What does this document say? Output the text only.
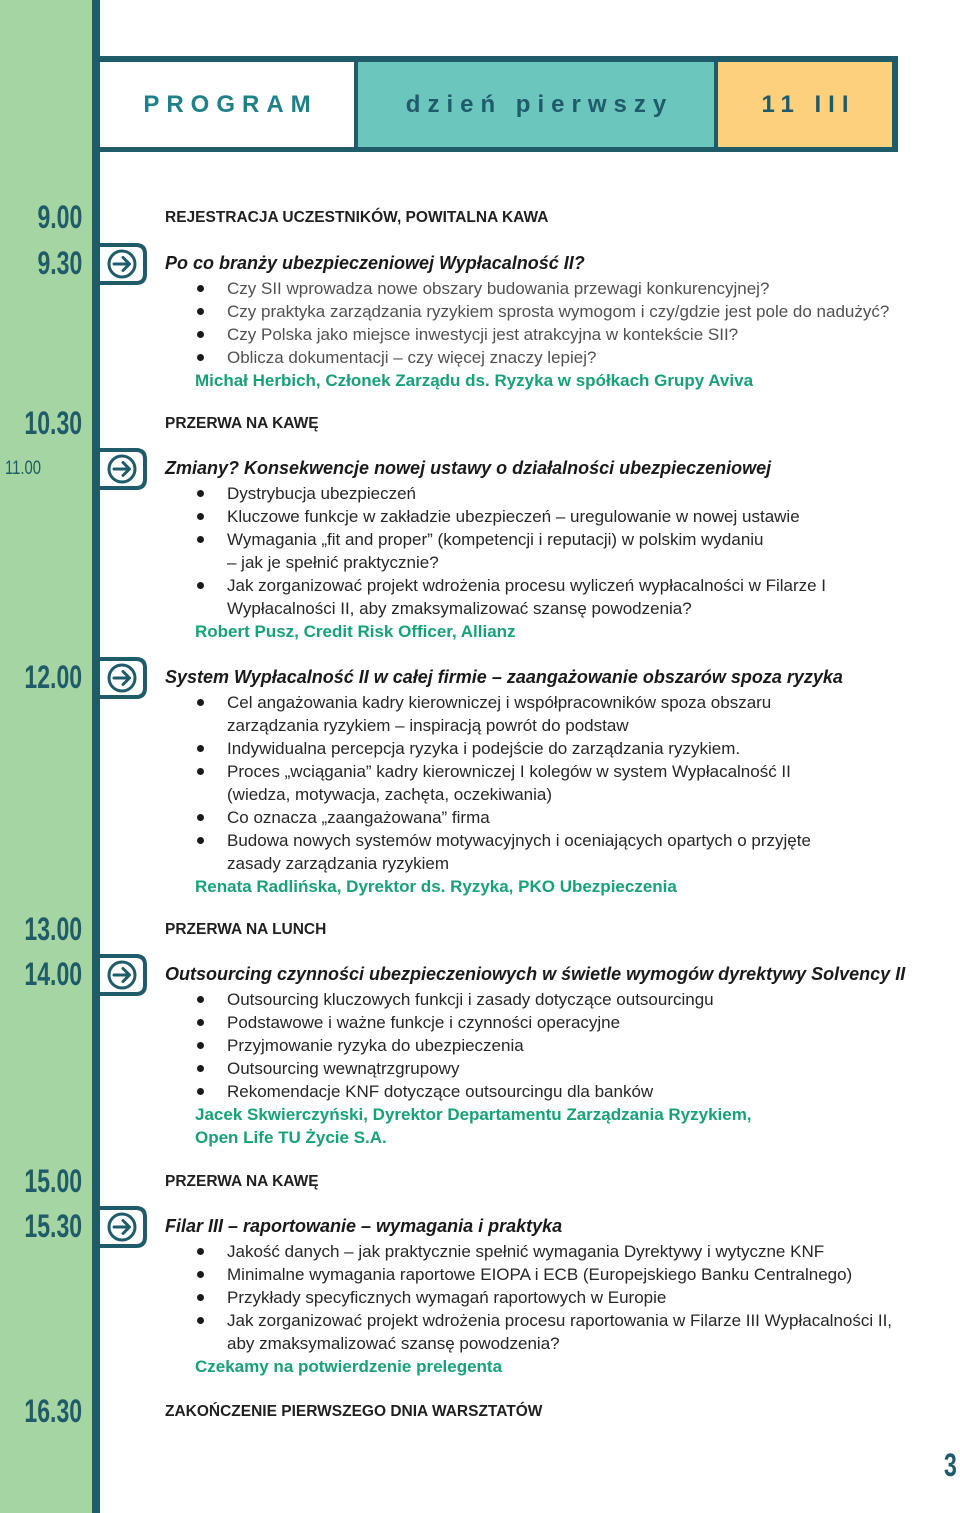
PROGRAM	dzień pierwszy	11 III
9.00	REJESTRACJA UCZESTNIKÓW, POWITALNA KAWA
9.30	Po co branży ubezpieczeniowej Wypłacalność II?
Czy SII wprowadza nowe obszary budowania przewagi konkurencyjnej?
Czy praktyka zarządzania ryzykiem sprosta wymogom i czy/gdzie jest pole do nadużyć?
Czy Polska jako miejsce inwestycji jest atrakcyjna w kontekście SII?
Oblicza dokumentacji – czy więcej znaczy lepiej?
Michał Herbich, Członek Zarządu ds. Ryzyka w spółkach Grupy Aviva
10.30	PRZERWA NA KAWĘ
11.00	Zmiany? Konsekwencje nowej ustawy o działalności ubezpieczeniowej
Dystrybucja ubezpieczeń
Kluczowe funkcje w zakładzie ubezpieczeń – uregulowanie w nowej ustawie
Wymagania „fit and proper” (kompetencji i reputacji) w polskim wydaniu
– jak je spełnić praktycznie?
Jak zorganizować projekt wdrożenia procesu wyliczeń wypłacalności w Filarze I
Wypłacalności II, aby zmaksymalizować szansę powodzenia?
Robert Pusz, Credit Risk Officer, Allianz
12.00	System Wypłacalność II w całej firmie – zaangażowanie obszarów spoza ryzyka
Cel angażowania kadry kierowniczej i współpracowników spoza obszaru
zarządzania ryzykiem – inspiracją powrót do podstaw
Indywidualna percepcja ryzyka i podejście do zarządzania ryzykiem.
Proces „wciągania” kadry kierowniczej I kolegów w system Wypłacalność II
(wiedza, motywacja, zachęta, oczekiwania)
Co oznacza „zaangażowana” firma
Budowa nowych systemów motywacyjnych i oceniających opartych o przyjęte
zasady zarządzania ryzykiem
Renata Radlińska, Dyrektor ds. Ryzyka, PKO Ubezpieczenia
13.00	PRZERWA NA LUNCH
14.00	Outsourcing czynności ubezpieczeniowych w świetle wymogów dyrektywy Solvency II
Outsourcing kluczowych funkcji i zasady dotyczące outsourcingu
Podstawowe i ważne funkcje i czynności operacyjne
Przyjmowanie ryzyka do ubezpieczenia
Outsourcing wewnątrzgrupowy
Rekomendacje KNF dotyczące outsourcingu dla banków
Jacek Skwierczyński, Dyrektor Departamentu Zarządzania Ryzykiem,
Open Life TU Życie S.A.
15.00	PRZERWA NA KAWĘ
15.30	Filar III – raportowanie – wymagania i praktyka
Jakość danych – jak praktycznie spełnić wymagania Dyrektywy i wytyczne KNF
Minimalne wymagania raportowe EIOPA i ECB (Europejskiego Banku Centralnego)
Przykłady specyficznych wymagań raportowych w Europie
Jak zorganizować projekt wdrożenia procesu raportowania w Filarze III Wypłacalności II,
aby zmaksymalizować szansę powodzenia?
Czekamy na potwierdzenie prelegenta
16.30	ZAKOŃCZENIE PIERWSZEGO DNIA WARSZTATÓW
3
